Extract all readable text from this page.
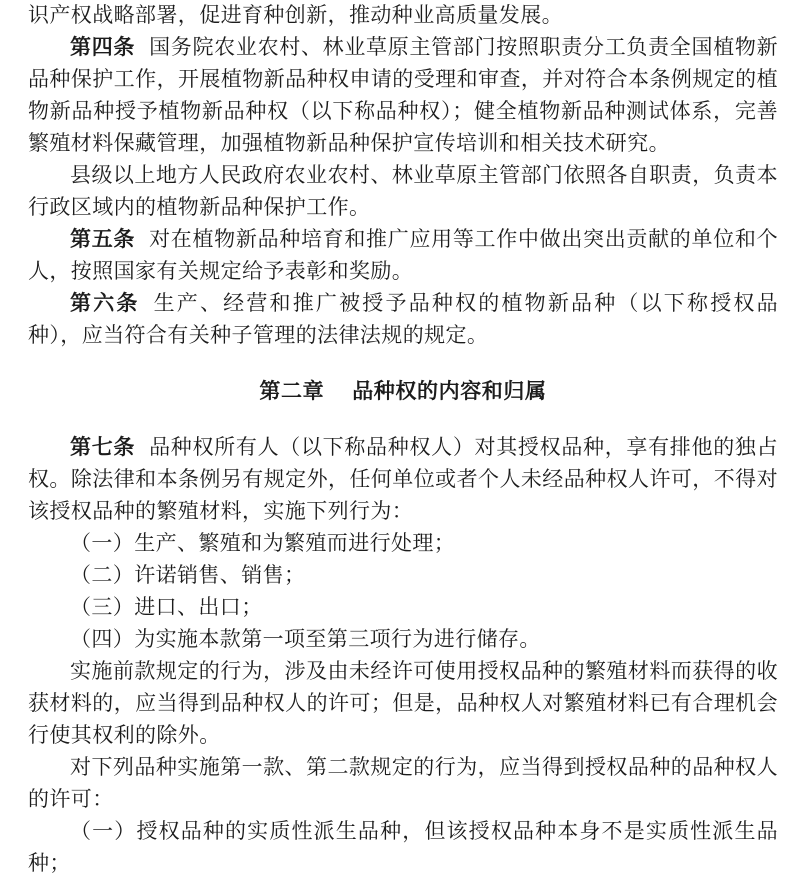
识产权战略部署，促进育种创新，推动种业高质量发展。

第四条 国务院农业农村、林业草原主管部门按照职责分工负责全国植物新品种保护工作，开展植物新品种权申请的受理和审查，并对符合本条例规定的植物新品种授予植物新品种权（以下称品种权）；健全植物新品种测试体系，完善繁殖材料保藏管理，加强植物新品种保护宣传培训和相关技术研究。

县级以上地方人民政府农业农村、林业草原主管部门依照各自职责，负责本行政区域内的植物新品种保护工作。

第五条 对在植物新品种培育和推广应用等工作中做出突出贡献的单位和个人，按照国家有关规定给予表彰和奖励。

第六条 生产、经营和推广被授予品种权的植物新品种（以下称授权品种），应当符合有关种子管理的法律法规的规定。

第二章 品种权的内容和归属

第七条 品种权所有人（以下称品种权人）对其授权品种，享有排他的独占权。除法律和本条例另有规定外，任何单位或者个人未经品种权人许可，不得对该授权品种的繁殖材料，实施下列行为：

（一）生产、繁殖和为繁殖而进行处理；

（二）许诺销售、销售；

（三）进口、出口；

（四）为实施本款第一项至第三项行为进行储存。

实施前款规定的行为，涉及由未经许可使用授权品种的繁殖材料而获得的收获材料的，应当得到品种权人的许可；但是，品种权人对繁殖材料已有合理机会行使其权利的除外。

对下列品种实施第一款、第二款规定的行为，应当得到授权品种的品种权人的许可：

（一）授权品种的实质性派生品种，但该授权品种本身不是实质性派生品种；
